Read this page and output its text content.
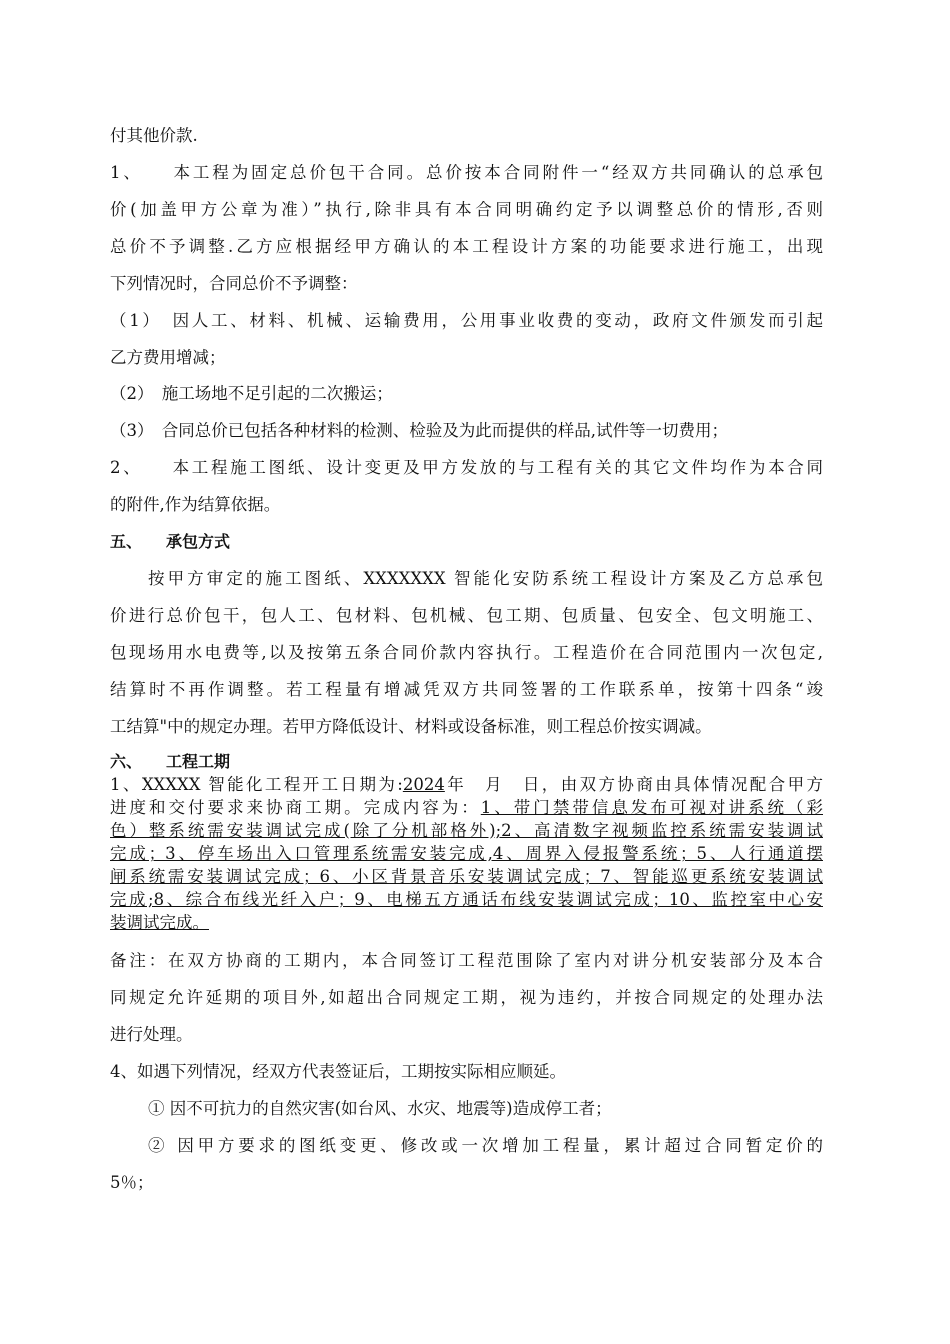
付其他价款.
1、　　本工程为固定总价包干合同。总价按本合同附件一“经双方共同确认的总承包
价(加盖甲方公章为准）”执行,除非具有本合同明确约定予以调整总价的情形,否则
总价不予调整.乙方应根据经甲方确认的本工程设计方案的功能要求进行施工，出现
下列情况时，合同总价不予调整：
（1）　因人工、材料、机械、运输费用，公用事业收费的变动，政府文件颁发而引起
乙方费用增减；
（2）　施工场地不足引起的二次搬运；
（3）　合同总价已包括各种材料的检测、检验及为此而提供的样品,试件等一切费用；
2、　　本工程施工图纸、设计变更及甲方发放的与工程有关的其它文件均作为本合同
的附件,作为结算依据。
五、　　承包方式
按甲方审定的施工图纸、XXXXXXX 智能化安防系统工程设计方案及乙方总承包
价进行总价包干，包人工、包材料、包机械、包工期、包质量、包安全、包文明施工、
包现场用水电费等,以及按第五条合同价款内容执行。工程造价在合同范围内一次包定,
结算时不再作调整。若工程量有增减凭双方共同签署的工作联系单，按第十四条“竣
工结算"中的规定办理。若甲方降低设计、材料或设备标准，则工程总价按实调减。
六、　　工程工期
1、XXXXX 智能化工程开工日期为:2024年　月　日，由双方协商由具体情况配合甲方
进度和交付要求来协商工期。完成内容为：1、带门禁带信息发布可视对讲系统（彩
色）整系统需安装调试完成(除了分机部格外);2、高清数字视频监控系统需安装调试
完成；3、停车场出入口管理系统需安装完成,4、周界入侵报警系统；5、人行通道摆
闸系统需安装调试完成；6、小区背景音乐安装调试完成；7、智能巡更系统安装调试
完成;8、综合布线光纤入户；9、电梯五方通话布线安装调试完成；10、监控室中心安
装调试完成。
备注：在双方协商的工期内，本合同签订工程范围除了室内对讲分机安装部分及本合
同规定允许延期的项目外,如超出合同规定工期，视为违约，并按合同规定的处理办法
进行处理。
4、如遇下列情况，经双方代表签证后，工期按实际相应顺延。
① 因不可抗力的自然灾害(如台风、水灾、地震等)造成停工者；
② 因甲方要求的图纸变更、修改或一次增加工程量，累计超过合同暂定价的
5％；
